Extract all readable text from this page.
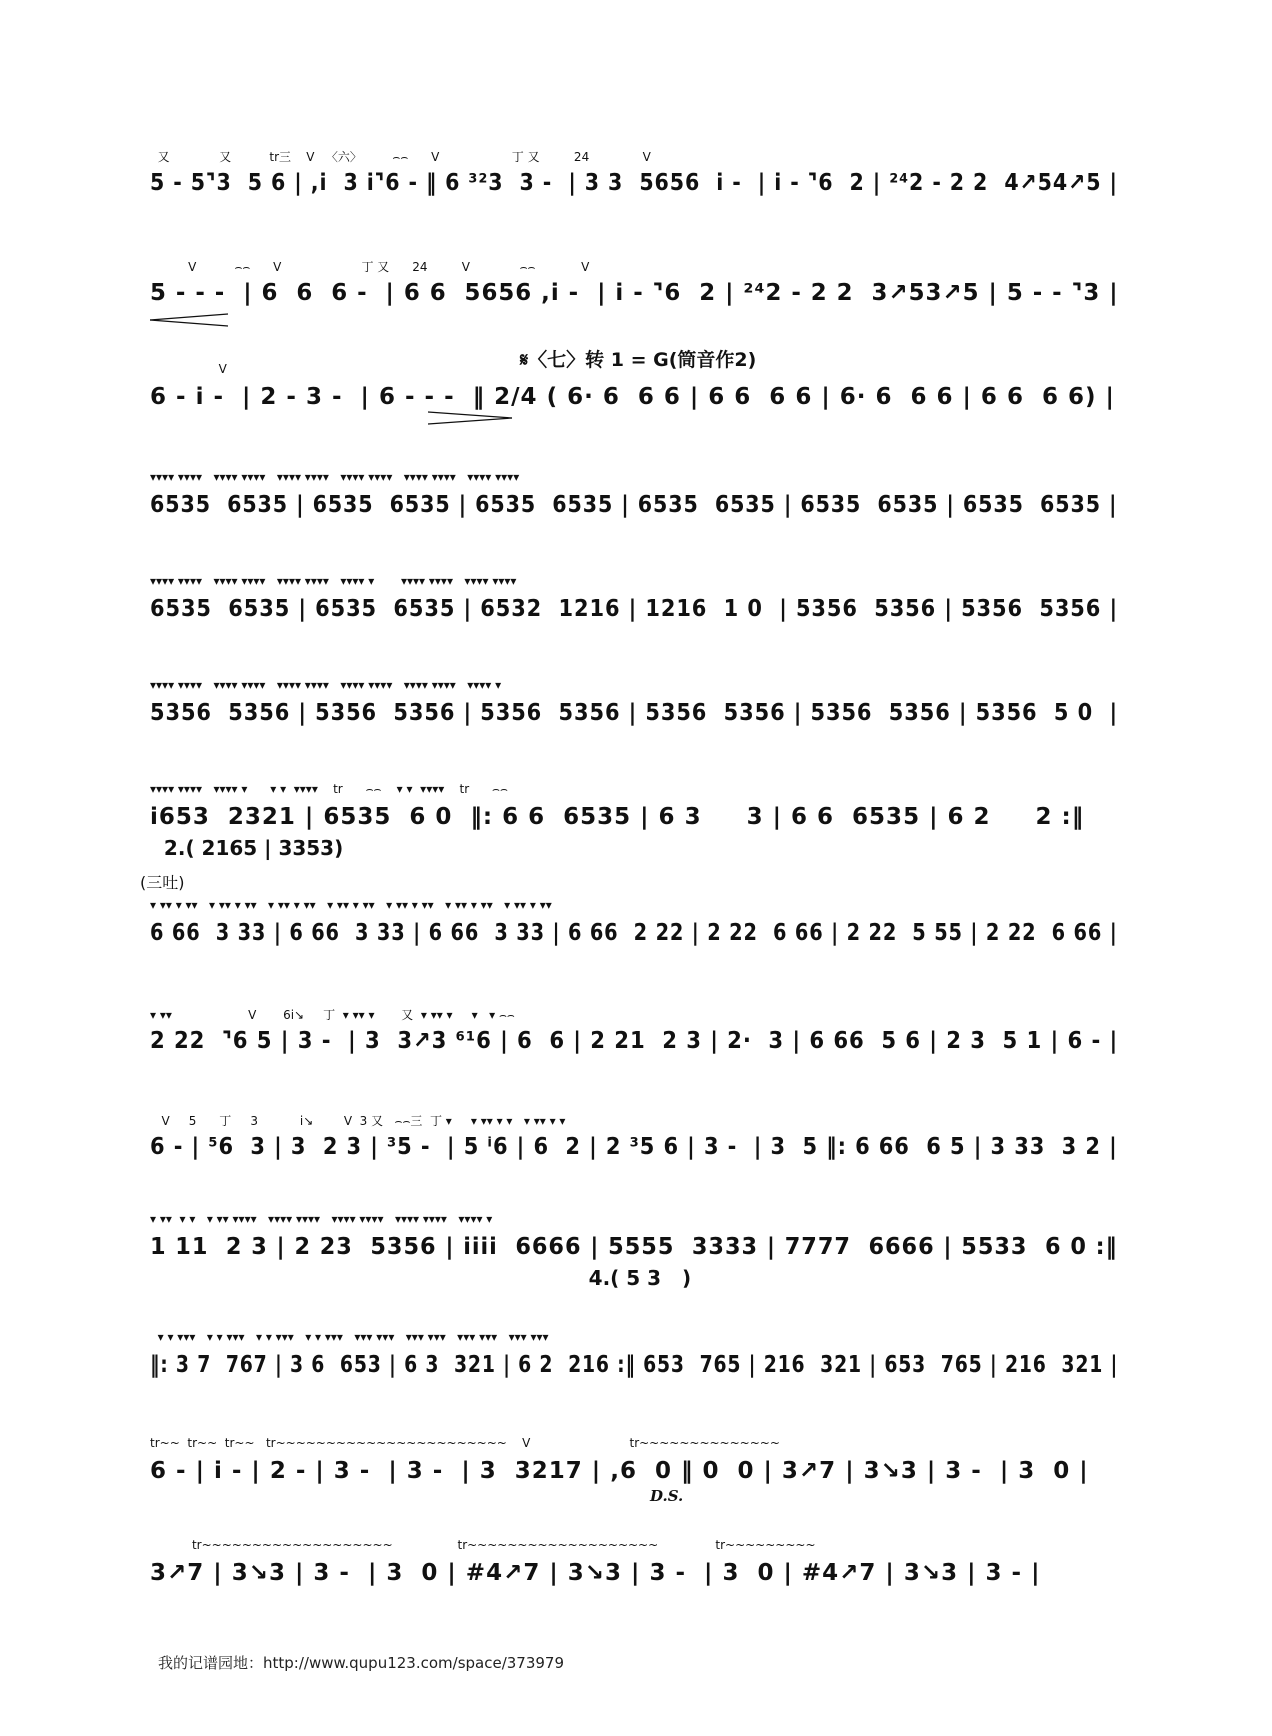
又             又          tr三    V   〈六〉        ⌢⌢      V                   丁 又         24              V
5 - 5⌝3  5 6 | ,i  3 i⌝6 - ‖ 6 ³²3  3 -  | 3 3  5656  i -  | i - ⌝6  2 | ²⁴2 - 2 2  4↗54↗5 |
V          ⌢⌢      V                     丁 又      24         V             ⌢⌢            V
5 - - -  | 6  6  6 -  | 6 6  5656 ,i -  | i - ⌝6  2 | ²⁴2 - 2 2  3↗53↗5 | 5 - - ⌝3 |
𝄋〈七〉转 1 = G(筒音作2)
V
6 - i -  | 2 - 3 -  | 6 - - -  ‖ 2/4 ( 6· 6  6 6 | 6 6  6 6 | 6· 6  6 6 | 6 6  6 6) |
▾▾▾▾ ▾▾▾▾   ▾▾▾▾ ▾▾▾▾   ▾▾▾▾ ▾▾▾▾   ▾▾▾▾ ▾▾▾▾   ▾▾▾▾ ▾▾▾▾   ▾▾▾▾ ▾▾▾▾
6535  6535 | 6535  6535 | 6535  6535 | 6535  6535 | 6535  6535 | 6535  6535 |
▾▾▾▾ ▾▾▾▾   ▾▾▾▾ ▾▾▾▾   ▾▾▾▾ ▾▾▾▾   ▾▾▾▾ ▾       ▾▾▾▾ ▾▾▾▾   ▾▾▾▾ ▾▾▾▾
6535  6535 | 6535  6535 | 6532  1216 | 1216  1 0  | 5356  5356 | 5356  5356 |
▾▾▾▾ ▾▾▾▾   ▾▾▾▾ ▾▾▾▾   ▾▾▾▾ ▾▾▾▾   ▾▾▾▾ ▾▾▾▾   ▾▾▾▾ ▾▾▾▾   ▾▾▾▾ ▾
5356  5356 | 5356  5356 | 5356  5356 | 5356  5356 | 5356  5356 | 5356  5 0  |
▾▾▾▾ ▾▾▾▾   ▾▾▾▾ ▾      ▾ ▾  ▾▾▾▾    tr      ⌢⌢    ▾ ▾  ▾▾▾▾    tr      ⌢⌢
i653  2321 | 6535  6 0  ‖: 6 6  6535 | 6 3     3 | 6 6  6535 | 6 2     2 :‖
2.( 2165 | 3353)
(三吐)
▾ ▾▾ ▾ ▾▾   ▾ ▾▾ ▾ ▾▾   ▾ ▾▾ ▾ ▾▾   ▾ ▾▾ ▾ ▾▾   ▾ ▾▾ ▾ ▾▾   ▾ ▾▾ ▾ ▾▾   ▾ ▾▾ ▾ ▾▾
6 66  3 33 | 6 66  3 33 | 6 66  3 33 | 6 66  2 22 | 2 22  6 66 | 2 22  5 55 | 2 22  6 66 |
▾ ▾▾                    V       6i↘     丁  ▾ ▾▾ ▾       又  ▾ ▾▾ ▾     ▾   ▾ ⌢⌢
2 22  ⌝6 5 | 3 -  | 3  3↗3 ⁶¹6 | 6  6 | 2 21  2 3 | 2·  3 | 6 66  5 6 | 2 3  5 1 | 6 - |
V     5      丁     3           i↘        V  3 又   ⌢⌢三  丁 ▾     ▾ ▾▾ ▾ ▾   ▾ ▾▾ ▾ ▾
6 - | ⁵6  3 | 3  2 3 | ³5 -  | 5 ⁱ6 | 6  2 | 2 ³5 6 | 3 -  | 3  5 ‖: 6 66  6 5 | 3 33  3 2 |
▾ ▾▾  ▾ ▾   ▾ ▾▾ ▾▾▾▾   ▾▾▾▾ ▾▾▾▾   ▾▾▾▾ ▾▾▾▾   ▾▾▾▾ ▾▾▾▾   ▾▾▾▾ ▾
1 11  2 3 | 2 23  5356 | iiii  6666 | 5555  3333 | 7777  6666 | 5533  6 0 :‖
4.( 5 3   )
▾ ▾ ▾▾▾   ▾ ▾ ▾▾▾   ▾ ▾ ▾▾▾   ▾ ▾ ▾▾▾   ▾▾▾ ▾▾▾   ▾▾▾ ▾▾▾   ▾▾▾ ▾▾▾   ▾▾▾ ▾▾▾
‖: 3 7  767 | 3 6  653 | 6 3  321 | 6 2  216 :‖ 653  765 | 216  321 | 653  765 | 216  321 |
tr~~  tr~~  tr~~   tr~~~~~~~~~~~~~~~~~~~~~~~    V                          tr~~~~~~~~~~~~~~
6 - | i - | 2 - | 3 -  | 3 -  | 3  3217 | ,6  0 ‖ 0  0 | 3↗7 | 3↘3 | 3 -  | 3  0 |
D.S.
tr~~~~~~~~~~~~~~~~~~~                 tr~~~~~~~~~~~~~~~~~~~               tr~~~~~~~~~
3↗7 | 3↘3 | 3 -  | 3  0 | #4↗7 | 3↘3 | 3 -  | 3  0 | #4↗7 | 3↘3 | 3 - |
我的记谱园地：http://www.qupu123.com/space/373979
